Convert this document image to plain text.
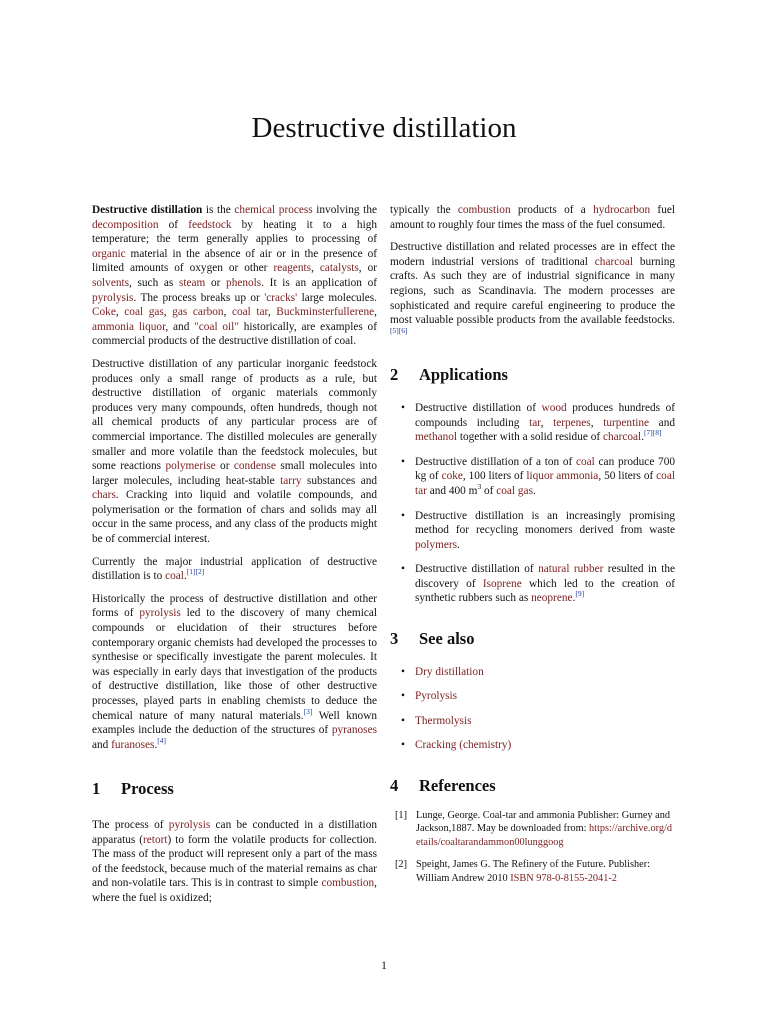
Destructive distillation

Destructive distillation is the chemical process involving the decomposition of feedstock by heating it to a high temperature; the term generally applies to processing of organic material in the absence of air or in the presence of limited amounts of oxygen or other reagents, catalysts, or solvents, such as steam or phenols. It is an application of pyrolysis. The process breaks up or 'cracks' large molecules. Coke, coal gas, gas carbon, coal tar, Buckminsterfullerene, ammonia liquor, and "coal oil" historically, are examples of commercial products of the destructive distillation of coal.

Destructive distillation of any particular inorganic feedstock produces only a small range of products as a rule, but destructive distillation of organic materials commonly produces very many compounds, often hundreds, though not all chemical products of any particular process are of commercial importance. The distilled molecules are generally smaller and more volatile than the feedstock molecules, but some reactions polymerise or condense small molecules into larger molecules, including heat-stable tarry substances and chars. Cracking into liquid and volatile compounds, and polymerisation or the formation of chars and solids may all occur in the same process, and any class of the products might be of commercial interest.

Currently the major industrial application of destructive distillation is to coal.[1][2]

Historically the process of destructive distillation and other forms of pyrolysis led to the discovery of many chemical compounds or elucidation of their structures before contemporary organic chemists had developed the processes to synthesise or specifically investigate the parent molecules. It was especially in early days that investigation of the products of destructive distillation, like those of other destructive processes, played parts in enabling chemists to deduce the chemical nature of many natural materials.[3] Well known examples include the deduction of the structures of pyranoses and furanoses.[4]

1	Process

The process of pyrolysis can be conducted in a distillation apparatus (retort) to form the volatile products for collection. The mass of the product will represent only a part of the mass of the feedstock, because much of the material remains as char and non-volatile tars. This is in contrast to simple combustion, where the fuel is oxidized;

typically the combustion products of a hydrocarbon fuel amount to roughly four times the mass of the fuel consumed.

Destructive distillation and related processes are in effect the modern industrial versions of traditional charcoal burning crafts. As such they are of industrial significance in many regions, such as Scandinavia. The modern processes are sophisticated and require careful engineering to produce the most valuable possible products from the available feedstocks.[5][6]

2	Applications
• Destructive distillation of wood produces hundreds of compounds including tar, terpenes, turpentine and methanol together with a solid residue of charcoal.[7][8]
• Destructive distillation of a ton of coal can produce 700 kg of coke, 100 liters of liquor ammonia, 50 liters of coal tar and 400 $m^3$ of coal gas.
• Destructive distillation is an increasingly promising method for recycling monomers derived from waste polymers.
• Destructive distillation of natural rubber resulted in the discovery of Isoprene which led to the creation of synthetic rubbers such as neoprene.[9]
3	See also
• Dry distillation
• Pyrolysis
• Thermolysis
• Cracking (chemistry)
4	References
[1] Lunge, George. Coal-tar and ammonia Publisher: Gurney and Jackson,1887. May be downloaded from: https://archive.org/details/coaltarandammon00lunggoog
[2] Speight, James G. The Refinery of the Future. Publisher: William Andrew 2010 ISBN 978-0-8155-2041-2
1
